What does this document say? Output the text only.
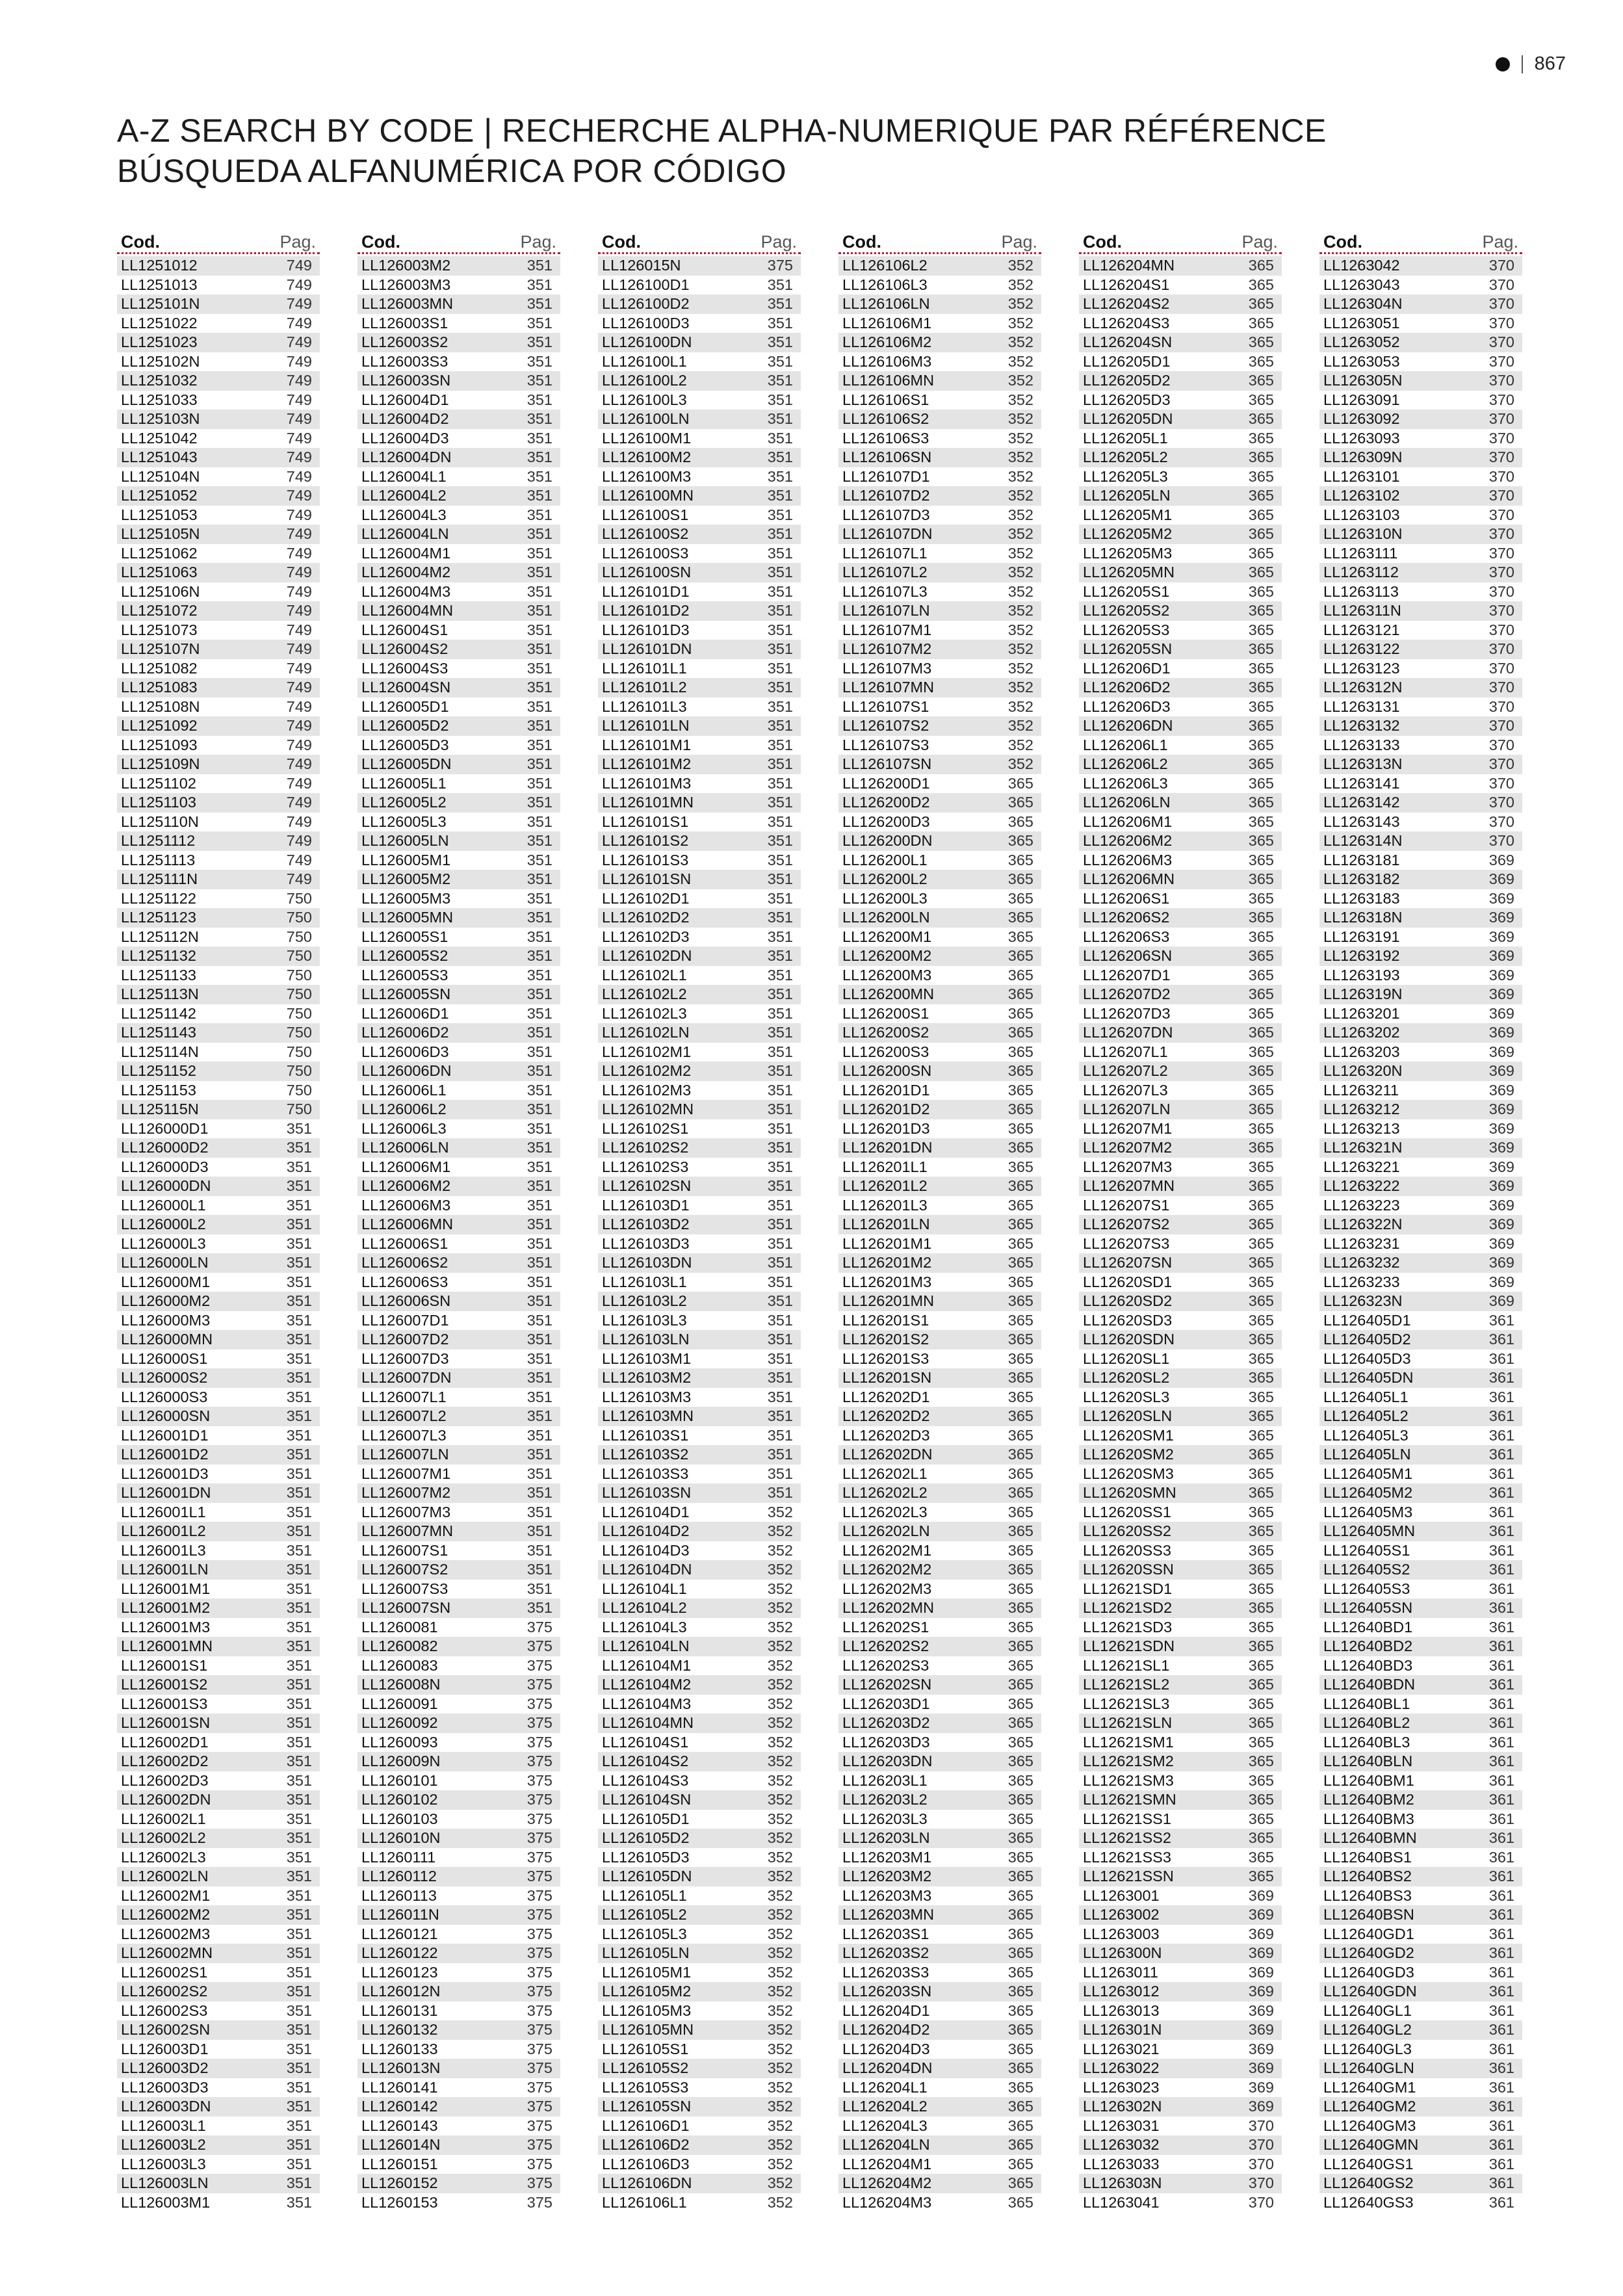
867
A-Z SEARCH BY CODE | RECHERCHE ALPHA-NUMERIQUE PAR RÉFÉRENCE
BÚSQUEDA ALFANUMÉRICA POR CÓDIGO
Cod.	Pag.
LL1251012	749
LL1251013	749
LL125101N	749
LL1251022	749
LL1251023	749
LL125102N	749
LL1251032	749
LL1251033	749
LL125103N	749
LL1251042	749
LL1251043	749
LL125104N	749
LL1251052	749
LL1251053	749
LL125105N	749
LL1251062	749
LL1251063	749
LL125106N	749
LL1251072	749
LL1251073	749
LL125107N	749
LL1251082	749
LL1251083	749
LL125108N	749
LL1251092	749
LL1251093	749
LL125109N	749
LL1251102	749
LL1251103	749
LL125110N	749
LL1251112	749
LL1251113	749
LL125111N	749
LL1251122	750
LL1251123	750
LL125112N	750
LL1251132	750
LL1251133	750
LL125113N	750
LL1251142	750
LL1251143	750
LL125114N	750
LL1251152	750
LL1251153	750
LL125115N	750
LL126000D1	351
LL126000D2	351
LL126000D3	351
LL126000DN	351
LL126000L1	351
LL126000L2	351
LL126000L3	351
LL126000LN	351
LL126000M1	351
LL126000M2	351
LL126000M3	351
LL126000MN	351
LL126000S1	351
LL126000S2	351
LL126000S3	351
LL126000SN	351
LL126001D1	351
LL126001D2	351
LL126001D3	351
LL126001DN	351
LL126001L1	351
LL126001L2	351
LL126001L3	351
LL126001LN	351
LL126001M1	351
LL126001M2	351
LL126001M3	351
LL126001MN	351
LL126001S1	351
LL126001S2	351
LL126001S3	351
LL126001SN	351
LL126002D1	351
LL126002D2	351
LL126002D3	351
LL126002DN	351
LL126002L1	351
LL126002L2	351
LL126002L3	351
LL126002LN	351
LL126002M1	351
LL126002M2	351
LL126002M3	351
LL126002MN	351
LL126002S1	351
LL126002S2	351
LL126002S3	351
LL126002SN	351
LL126003D1	351
LL126003D2	351
LL126003D3	351
LL126003DN	351
LL126003L1	351
LL126003L2	351
LL126003L3	351
LL126003LN	351
LL126003M1	351
Cod.	Pag.
LL126003M2	351
LL126003M3	351
LL126003MN	351
LL126003S1	351
LL126003S2	351
LL126003S3	351
LL126003SN	351
LL126004D1	351
LL126004D2	351
LL126004D3	351
LL126004DN	351
LL126004L1	351
LL126004L2	351
LL126004L3	351
LL126004LN	351
LL126004M1	351
LL126004M2	351
LL126004M3	351
LL126004MN	351
LL126004S1	351
LL126004S2	351
LL126004S3	351
LL126004SN	351
LL126005D1	351
LL126005D2	351
LL126005D3	351
LL126005DN	351
LL126005L1	351
LL126005L2	351
LL126005L3	351
LL126005LN	351
LL126005M1	351
LL126005M2	351
LL126005M3	351
LL126005MN	351
LL126005S1	351
LL126005S2	351
LL126005S3	351
LL126005SN	351
LL126006D1	351
LL126006D2	351
LL126006D3	351
LL126006DN	351
LL126006L1	351
LL126006L2	351
LL126006L3	351
LL126006LN	351
LL126006M1	351
LL126006M2	351
LL126006M3	351
LL126006MN	351
LL126006S1	351
LL126006S2	351
LL126006S3	351
LL126006SN	351
LL126007D1	351
LL126007D2	351
LL126007D3	351
LL126007DN	351
LL126007L1	351
LL126007L2	351
LL126007L3	351
LL126007LN	351
LL126007M1	351
LL126007M2	351
LL126007M3	351
LL126007MN	351
LL126007S1	351
LL126007S2	351
LL126007S3	351
LL126007SN	351
LL1260081	375
LL1260082	375
LL1260083	375
LL126008N	375
LL1260091	375
LL1260092	375
LL1260093	375
LL126009N	375
LL1260101	375
LL1260102	375
LL1260103	375
LL126010N	375
LL1260111	375
LL1260112	375
LL1260113	375
LL126011N	375
LL1260121	375
LL1260122	375
LL1260123	375
LL126012N	375
LL1260131	375
LL1260132	375
LL1260133	375
LL126013N	375
LL1260141	375
LL1260142	375
LL1260143	375
LL126014N	375
LL1260151	375
LL1260152	375
LL1260153	375
Cod.	Pag.
LL126015N	375
LL126100D1	351
LL126100D2	351
LL126100D3	351
LL126100DN	351
LL126100L1	351
LL126100L2	351
LL126100L3	351
LL126100LN	351
LL126100M1	351
LL126100M2	351
LL126100M3	351
LL126100MN	351
LL126100S1	351
LL126100S2	351
LL126100S3	351
LL126100SN	351
LL126101D1	351
LL126101D2	351
LL126101D3	351
LL126101DN	351
LL126101L1	351
LL126101L2	351
LL126101L3	351
LL126101LN	351
LL126101M1	351
LL126101M2	351
LL126101M3	351
LL126101MN	351
LL126101S1	351
LL126101S2	351
LL126101S3	351
LL126101SN	351
LL126102D1	351
LL126102D2	351
LL126102D3	351
LL126102DN	351
LL126102L1	351
LL126102L2	351
LL126102L3	351
LL126102LN	351
LL126102M1	351
LL126102M2	351
LL126102M3	351
LL126102MN	351
LL126102S1	351
LL126102S2	351
LL126102S3	351
LL126102SN	351
LL126103D1	351
LL126103D2	351
LL126103D3	351
LL126103DN	351
LL126103L1	351
LL126103L2	351
LL126103L3	351
LL126103LN	351
LL126103M1	351
LL126103M2	351
LL126103M3	351
LL126103MN	351
LL126103S1	351
LL126103S2	351
LL126103S3	351
LL126103SN	351
LL126104D1	352
LL126104D2	352
LL126104D3	352
LL126104DN	352
LL126104L1	352
LL126104L2	352
LL126104L3	352
LL126104LN	352
LL126104M1	352
LL126104M2	352
LL126104M3	352
LL126104MN	352
LL126104S1	352
LL126104S2	352
LL126104S3	352
LL126104SN	352
LL126105D1	352
LL126105D2	352
LL126105D3	352
LL126105DN	352
LL126105L1	352
LL126105L2	352
LL126105L3	352
LL126105LN	352
LL126105M1	352
LL126105M2	352
LL126105M3	352
LL126105MN	352
LL126105S1	352
LL126105S2	352
LL126105S3	352
LL126105SN	352
LL126106D1	352
LL126106D2	352
LL126106D3	352
LL126106DN	352
LL126106L1	352
Cod.	Pag.
LL126106L2	352
LL126106L3	352
LL126106LN	352
LL126106M1	352
LL126106M2	352
LL126106M3	352
LL126106MN	352
LL126106S1	352
LL126106S2	352
LL126106S3	352
LL126106SN	352
LL126107D1	352
LL126107D2	352
LL126107D3	352
LL126107DN	352
LL126107L1	352
LL126107L2	352
LL126107L3	352
LL126107LN	352
LL126107M1	352
LL126107M2	352
LL126107M3	352
LL126107MN	352
LL126107S1	352
LL126107S2	352
LL126107S3	352
LL126107SN	352
LL126200D1	365
LL126200D2	365
LL126200D3	365
LL126200DN	365
LL126200L1	365
LL126200L2	365
LL126200L3	365
LL126200LN	365
LL126200M1	365
LL126200M2	365
LL126200M3	365
LL126200MN	365
LL126200S1	365
LL126200S2	365
LL126200S3	365
LL126200SN	365
LL126201D1	365
LL126201D2	365
LL126201D3	365
LL126201DN	365
LL126201L1	365
LL126201L2	365
LL126201L3	365
LL126201LN	365
LL126201M1	365
LL126201M2	365
LL126201M3	365
LL126201MN	365
LL126201S1	365
LL126201S2	365
LL126201S3	365
LL126201SN	365
LL126202D1	365
LL126202D2	365
LL126202D3	365
LL126202DN	365
LL126202L1	365
LL126202L2	365
LL126202L3	365
LL126202LN	365
LL126202M1	365
LL126202M2	365
LL126202M3	365
LL126202MN	365
LL126202S1	365
LL126202S2	365
LL126202S3	365
LL126202SN	365
LL126203D1	365
LL126203D2	365
LL126203D3	365
LL126203DN	365
LL126203L1	365
LL126203L2	365
LL126203L3	365
LL126203LN	365
LL126203M1	365
LL126203M2	365
LL126203M3	365
LL126203MN	365
LL126203S1	365
LL126203S2	365
LL126203S3	365
LL126203SN	365
LL126204D1	365
LL126204D2	365
LL126204D3	365
LL126204DN	365
LL126204L1	365
LL126204L2	365
LL126204L3	365
LL126204LN	365
LL126204M1	365
LL126204M2	365
LL126204M3	365
Cod.	Pag.
LL126204MN	365
LL126204S1	365
LL126204S2	365
LL126204S3	365
LL126204SN	365
LL126205D1	365
LL126205D2	365
LL126205D3	365
LL126205DN	365
LL126205L1	365
LL126205L2	365
LL126205L3	365
LL126205LN	365
LL126205M1	365
LL126205M2	365
LL126205M3	365
LL126205MN	365
LL126205S1	365
LL126205S2	365
LL126205S3	365
LL126205SN	365
LL126206D1	365
LL126206D2	365
LL126206D3	365
LL126206DN	365
LL126206L1	365
LL126206L2	365
LL126206L3	365
LL126206LN	365
LL126206M1	365
LL126206M2	365
LL126206M3	365
LL126206MN	365
LL126206S1	365
LL126206S2	365
LL126206S3	365
LL126206SN	365
LL126207D1	365
LL126207D2	365
LL126207D3	365
LL126207DN	365
LL126207L1	365
LL126207L2	365
LL126207L3	365
LL126207LN	365
LL126207M1	365
LL126207M2	365
LL126207M3	365
LL126207MN	365
LL126207S1	365
LL126207S2	365
LL126207S3	365
LL126207SN	365
LL12620SD1	365
LL12620SD2	365
LL12620SD3	365
LL12620SDN	365
LL12620SL1	365
LL12620SL2	365
LL12620SL3	365
LL12620SLN	365
LL12620SM1	365
LL12620SM2	365
LL12620SM3	365
LL12620SMN	365
LL12620SS1	365
LL12620SS2	365
LL12620SS3	365
LL12620SSN	365
LL12621SD1	365
LL12621SD2	365
LL12621SD3	365
LL12621SDN	365
LL12621SL1	365
LL12621SL2	365
LL12621SL3	365
LL12621SLN	365
LL12621SM1	365
LL12621SM2	365
LL12621SM3	365
LL12621SMN	365
LL12621SS1	365
LL12621SS2	365
LL12621SS3	365
LL12621SSN	365
LL1263001	369
LL1263002	369
LL1263003	369
LL126300N	369
LL1263011	369
LL1263012	369
LL1263013	369
LL126301N	369
LL1263021	369
LL1263022	369
LL1263023	369
LL126302N	369
LL1263031	370
LL1263032	370
LL1263033	370
LL126303N	370
LL1263041	370
Cod.	Pag.
LL1263042	370
LL1263043	370
LL126304N	370
LL1263051	370
LL1263052	370
LL1263053	370
LL126305N	370
LL1263091	370
LL1263092	370
LL1263093	370
LL126309N	370
LL1263101	370
LL1263102	370
LL1263103	370
LL126310N	370
LL1263111	370
LL1263112	370
LL1263113	370
LL126311N	370
LL1263121	370
LL1263122	370
LL1263123	370
LL126312N	370
LL1263131	370
LL1263132	370
LL1263133	370
LL126313N	370
LL1263141	370
LL1263142	370
LL1263143	370
LL126314N	370
LL1263181	369
LL1263182	369
LL1263183	369
LL126318N	369
LL1263191	369
LL1263192	369
LL1263193	369
LL126319N	369
LL1263201	369
LL1263202	369
LL1263203	369
LL126320N	369
LL1263211	369
LL1263212	369
LL1263213	369
LL126321N	369
LL1263221	369
LL1263222	369
LL1263223	369
LL126322N	369
LL1263231	369
LL1263232	369
LL1263233	369
LL126323N	369
LL126405D1	361
LL126405D2	361
LL126405D3	361
LL126405DN	361
LL126405L1	361
LL126405L2	361
LL126405L3	361
LL126405LN	361
LL126405M1	361
LL126405M2	361
LL126405M3	361
LL126405MN	361
LL126405S1	361
LL126405S2	361
LL126405S3	361
LL126405SN	361
LL12640BD1	361
LL12640BD2	361
LL12640BD3	361
LL12640BDN	361
LL12640BL1	361
LL12640BL2	361
LL12640BL3	361
LL12640BLN	361
LL12640BM1	361
LL12640BM2	361
LL12640BM3	361
LL12640BMN	361
LL12640BS1	361
LL12640BS2	361
LL12640BS3	361
LL12640BSN	361
LL12640GD1	361
LL12640GD2	361
LL12640GD3	361
LL12640GDN	361
LL12640GL1	361
LL12640GL2	361
LL12640GL3	361
LL12640GLN	361
LL12640GM1	361
LL12640GM2	361
LL12640GM3	361
LL12640GMN	361
LL12640GS1	361
LL12640GS2	361
LL12640GS3	361
